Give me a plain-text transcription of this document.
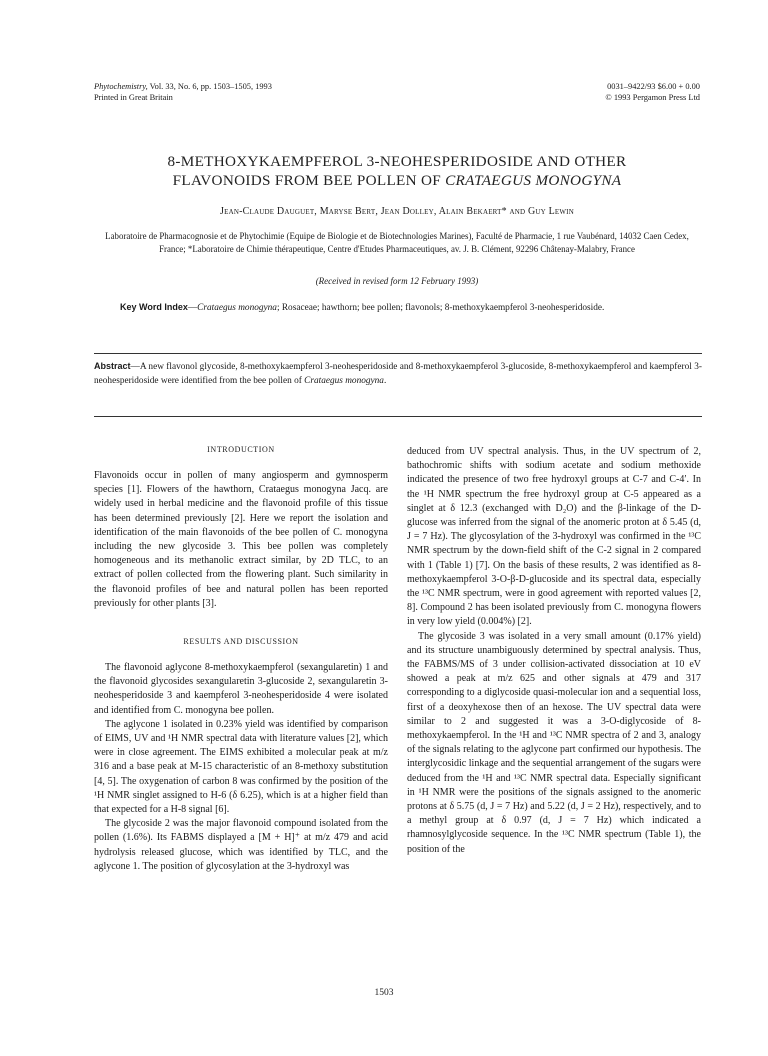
Phytochemistry, Vol. 33, No. 6, pp. 1503–1505, 1993
Printed in Great Britain
0031–9422/93 $6.00 + 0.00
© 1993 Pergamon Press Ltd
8-METHOXYKAEMPFEROL 3-NEOHESPERIDOSIDE AND OTHER
FLAVONOIDS FROM BEE POLLEN OF CRATAEGUS MONOGYNA
Jean-Claude Dauguet, Maryse Bert, Jean Dolley, Alain Bekaert* and Guy Lewin
Laboratoire de Pharmacognosie et de Phytochimie (Equipe de Biologie et de Biotechnologies Marines), Faculté de Pharmacie, 1 rue Vaubénard, 14032 Caen Cedex, France; *Laboratoire de Chimie thérapeutique, Centre d'Etudes Pharmaceutiques, av. J. B. Clément, 92296 Châtenay-Malabry, France
(Received in revised form 12 February 1993)
Key Word Index—Crataegus monogyna; Rosaceae; hawthorn; bee pollen; flavonols; 8-methoxykaempferol 3-neohesperidoside.
Abstract—A new flavonol glycoside, 8-methoxykaempferol 3-neohesperidoside and 8-methoxykaempferol 3-glucoside, 8-methoxykaempferol and kaempferol 3-neohesperidoside were identified from the bee pollen of Crataegus monogyna.
INTRODUCTION

Flavonoids occur in pollen of many angiosperm and gymnosperm species [1]. Flowers of the hawthorn, Crataegus monogyna Jacq. are widely used in herbal medicine and the flavonoid profile of this tissue has been determined previously [2]. Here we report the isolation and identification of the main flavonoids of the bee pollen of C. monogyna including the new glycoside 3. This bee pollen was completely homogeneous and its methanolic extract similar, by 2D TLC, to an extract of pollen collected from the flowering plant. Such similarity in the flavonoid profiles of bee and natural pollen has been reported previously for other plants [3].

RESULTS AND DISCUSSION

The flavonoid aglycone 8-methoxykaempferol (sexangularetin) 1 and the flavonoid glycosides sexangularetin 3-glucoside 2, sexangularetin 3-neohesperidoside 3 and kaempferol 3-neohesperidoside 4 were isolated and identified from C. monogyna bee pollen.

The aglycone 1 isolated in 0.23% yield was identified by comparison of EIMS, UV and ¹H NMR spectral data with literature values [2], which were in close agreement. The EIMS exhibited a molecular peak at m/z 316 and a base peak at M-15 characteristic of an 8-methoxy substitution [4, 5]. The oxygenation of carbon 8 was confirmed by the position of the ¹H NMR singlet assigned to H-6 (δ 6.25), which is at a higher field than that expected for a H-8 signal [6].

The glycoside 2 was the major flavonoid compound isolated from the pollen (1.6%). Its FABMS displayed a [M + H]⁺ at m/z 479 and acid hydrolysis released glucose, which was identified by TLC, and the aglycone 1. The position of glycosylation at the 3-hydroxyl was

deduced from UV spectral analysis. Thus, in the UV spectrum of 2, bathochromic shifts with sodium acetate and sodium methoxide indicated the presence of two free hydroxyl groups at C-7 and C-4′. In the ¹H NMR spectrum the free hydroxyl group at C-5 appeared as a singlet at δ 12.3 (exchanged with D₂O) and the β-linkage of the D-glucose was inferred from the signal of the anomeric proton at δ 5.45 (d, J = 7 Hz). The glycosylation of the 3-hydroxyl was confirmed in the ¹³C NMR spectrum by the down-field shift of the C-2 signal in 2 compared with 1 (Table 1) [7]. On the basis of these results, 2 was identified as 8-methoxykaempferol 3-O-β-D-glucoside and its spectral data, especially the ¹³C NMR spectrum, were in good agreement with reported values [2, 8]. Compound 2 has been isolated previously from C. monogyna flowers in very low yield (0.004%) [2].

The glycoside 3 was isolated in a very small amount (0.17% yield) and its structure unambiguously determined by spectral analysis. Thus, the FABMS/MS of 3 under collision-activated dissociation at 10 eV showed a peak at m/z 625 and other signals at 479 and 317 corresponding to a diglycoside quasi-molecular ion and a sequential loss, first of a deoxyhexose then of an hexose. The UV spectral data were similar to 2 and suggested it was a 3-O-diglycoside of 8-methoxykaempferol. In the ¹H and ¹³C NMR spectra of 2 and 3, analogy of the signals relating to the aglycone part confirmed our hypothesis. The interglycosidic linkage and the sequential arrangement of the sugars were deduced from the ¹H and ¹³C NMR spectral data. Especially significant in ¹H NMR were the positions of the signals assigned to the anomeric protons at δ 5.75 (d, J = 7 Hz) and 5.22 (d, J = 2 Hz), respectively, and to a methyl group at δ 0.97 (d, J = 7 Hz) which indicated a rhamnosylglycoside sequence. In the ¹³C NMR spectrum (Table 1), the position of the

1503
